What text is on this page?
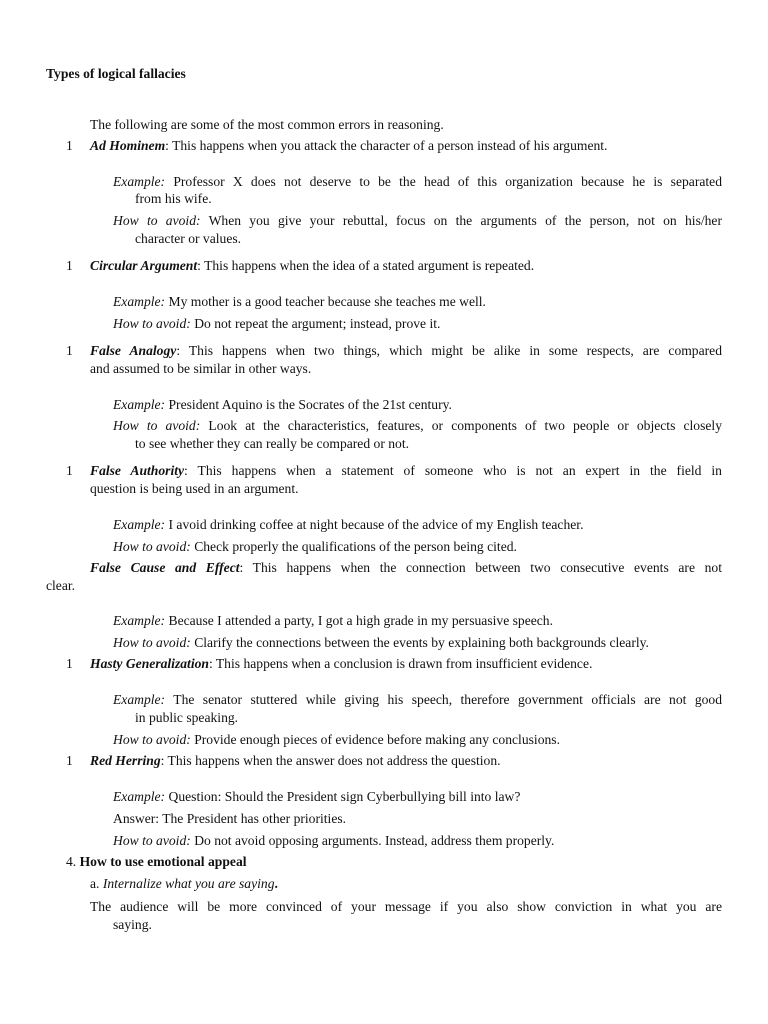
Types of logical fallacies
The following are some of the most common errors in reasoning.
1	Ad Hominem: This happens when you attack the character of a person instead of his argument.
Example: Professor X does not deserve to be the head of this organization because he is separated
from his wife.
How to avoid: When you give your rebuttal, focus on the arguments of the person, not on his/her
character or values.
1	Circular Argument: This happens when the idea of a stated argument is repeated.
Example: My mother is a good teacher because she teaches me well.
How to avoid: Do not repeat the argument; instead, prove it.
1	False Analogy: This happens when two things, which might be alike in some respects, are compared
and assumed to be similar in other ways.
Example: President Aquino is the Socrates of the 21st century.
How to avoid: Look at the characteristics, features, or components of two people or objects closely
to see whether they can really be compared or not.
1	False Authority: This happens when a statement of someone who is not an expert in the field in
question is being used in an argument.
Example: I avoid drinking coffee at night because of the advice of my English teacher.
How to avoid: Check properly the qualifications of the person being cited.
False Cause and Effect: This happens when the connection between two consecutive events are not
clear.
Example: Because I attended a party, I got a high grade in my persuasive speech.
How to avoid: Clarify the connections between the events by explaining both backgrounds clearly.
1	Hasty Generalization: This happens when a conclusion is drawn from insufficient evidence.
Example: The senator stuttered while giving his speech, therefore government officials are not good
in public speaking.
How to avoid: Provide enough pieces of evidence before making any conclusions.
1	Red Herring: This happens when the answer does not address the question.
Example: Question: Should the President sign Cyberbullying bill into law?
Answer: The President has other priorities.
How to avoid: Do not avoid opposing arguments. Instead, address them properly.
4. How to use emotional appeal
a. Internalize what you are saying.
The audience will be more convinced of your message if you also show conviction in what you are
saying.
